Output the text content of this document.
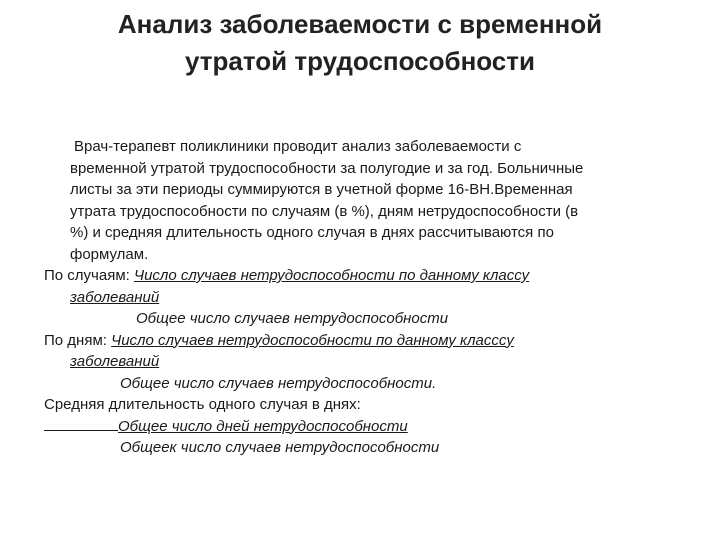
Анализ заболеваемости с временной
утратой трудоспособности
Врач-терапевт поликлиники проводит анализ заболеваемости с
временной утратой трудоспособности за полугодие и за год. Больничные
листы за эти периоды суммируются в учетной форме 16-ВН.Временная
утрата трудоспособности по случаям (в %), дням нетрудоспособности (в
%) и средняя длительность одного случая в днях рассчитываются по
формулам.
По случаям: Число случаев нетрудоспособности по данному классу
заболеваний
Общее число случаев нетрудоспособности
По дням: Число случаев нетрудоспособности по данному классcу
заболеваний
Общее число случаев нетрудоспособности.
Средняя длительность одного случая в днях:
Общее число дней нетрудоспособности
Общеек число случаев нетрудоспособности
